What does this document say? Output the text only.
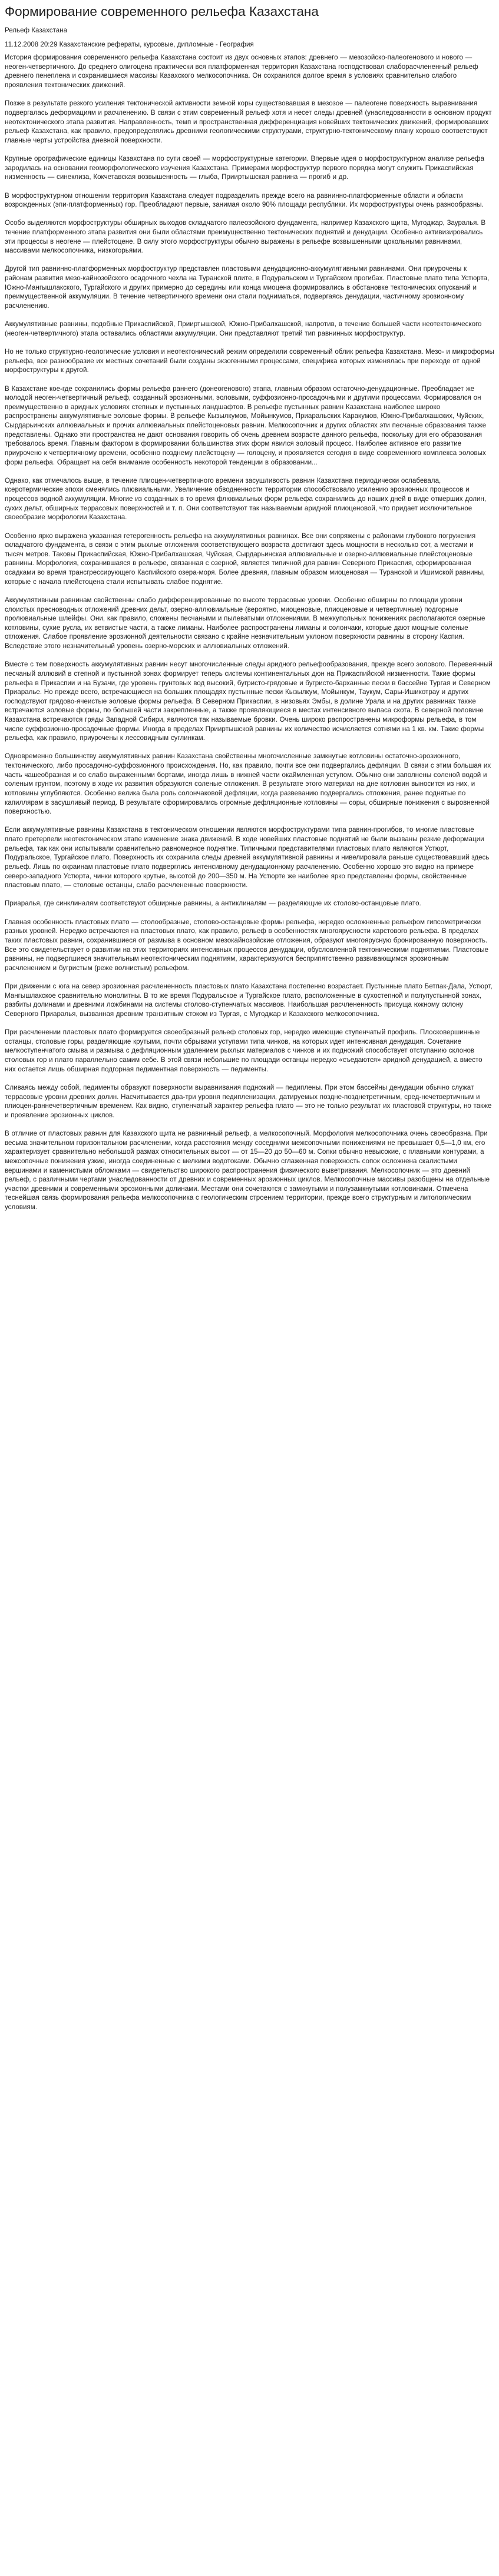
Формирование современного рельефа Казахстана
Рельеф Казахстана
11.12.2008 20:29 Казахстанские рефераты, курсовые, дипломные - География

История формирования современного рельефа Казахстана состоит из двух основных этапов: древнего — мезозойско-палеогенового и нового — неоген-четвертичного. До среднего олигоцена практически вся платформенная территория Казахстана господствовал слабораcчлененный рельеф древнего пенеплена и сохранившиеся массивы Казахского мелкосопочника. Он сохранился долгое время в условиях сравнительно слабого проявления тектонических движений.

Позже в результате резкого усиления тектонической активности земной коры существовавшая в мезозое — палеогене поверхность выравнивания подвергалась деформациям и расчленению. В связи с этим современный рельеф хотя и несет следы древней (унаследованности в основном продукт неотектонического этапа развития. Направленность, темп и пространственная дифференциация новейших тектонических движений, формировавших рельеф Казахстана, как правило, предопределялись древними геологическими структурами, структурно-тектоническому плану хорошо соответствуют главные черты устройства дневной поверхности.

Крупные орографические единицы Казахстана по сути своей — морфоструктурные категории. Впервые идея о морфоструктурном анализе рельефа зародилась на основании геоморфологического изучения Казахстана. Примерами морфоструктур первого порядка могут служить Прикаспийская низменность — синеклиза, Кокчетавская возвышенность — глыба, Прииртышская равнина — прогиб и др.

В морфоструктурном отношении территория Казахстана следует подразделить прежде всего на равнинно-платформенные области и области возрожденных (эпи-платформенных) гор. Преобладают первые, занимая около 90% площади республики. Их морфоструктуры очень разнообразны.

Особо выделяются морфоструктуры обширных выходов складчатого палеозойского фундамента, например Казахского щита, Мугоджар, Зауралья. В течение платформенного этапа развития они были областями преимущественно тектонических поднятий и денудации. Особенно активизировались эти процессы в неогене — плейстоцене. В силу этого морфоструктуры обычно выражены в рельефе возвышенными цокольными равнинами, массивами мелкосопочника, низкогорьями.

Другой тип равнинно-платформенных морфоструктур представлен пластовыми денудационно-аккумулятивными равнинами. Они приурочены к районам развития мезо-кайнозойского осадочного чехла на Туранской плите, в Подуральском и Тургайском прогибах. Пластовые плато типа Устюрта, Южно-Мангышлакского, Тургайского и других примерно до середины или конца миоцена формировались в обстановке тектонических опусканий и преимущественной аккумуляции. В течение четвертичного времени они стали подниматься, подвергаясь денудации, частичному эрозионному расчленению.

Аккумулятивные равнины, подобные Прикаспийской, Прииртышской, Южно-Прибалхашской, напротив, в течение большей части неотектонического (неоген-четвертичного) этапа оставались областями аккумуляции. Они представляют третий тип равнинных морфоструктур.

Но не только структурно-геологические условия и неотектонический режим определили современный облик рельефа Казахстана. Мезо- и микроформы рельефа, все разнообразие их местных сочетаний были созданы экзогенными процессами, специфика которых изменялась при переходе от одной морфоструктуры к другой.

В Казахстане кое-где сохранились формы рельефа раннего (донеогенового) этапа, главным образом остаточно-денудационные. Преобладает же молодой неоген-четвертичный рельеф, созданный эрозионными, эоловыми, суффозионно-просадочными и другими процессами. Формировался он преимущественно в аридных условиях степных и пустынных ландшафтов. В рельефе пустынных равнин Казахстана наиболее широко распространены аккумулятивные эоловые формы. В рельефе Кызылкумов, Мойынкумов, Приаральских Каракумов, Южно-Прибалхашских, Чуйских, Сырдарьинских аллювиальных и прочих аллювиальных плейстоценовых равнин. Мелкосопочник и других областях эти песчаные образования также представлены. Однако эти пространства не дают основания говорить об очень древнем возрасте данного рельефа, поскольку для его образования требовалось время. Главным фактором в формировании большинства этих форм явился эоловый процесс. Наиболее активное его развитие приурочено к четвертичному времени, особенно позднему плейстоцену — голоцену, и проявляется сегодня в виде современного комплекса эоловых форм рельефа. Обращает на себя внимание особенность некоторой тенденции в образовании...

Однако, как отмечалось выше, в течение плиоцен-четвертичного времени засушливость равнин Казахстана периодически ослабевала, ксеротермические эпохи сменялись плювиальными. Увеличение обводненности территории способствовало усилению эрозионных процессов и процессов водной аккумуляции. Многие из созданных в то время флювиальных форм рельефа сохранились до наших дней в виде отмерших долин, сухих дельт, обширных террасовых поверхностей и т. п. Они соответствуют так называемым аридной плиоценовой, что придает исключительное своеобразие морфологии Казахстана.

Особенно ярко выражена указанная гетерогенность рельефа на аккумулятивных равнинах. Все они сопряжены с районами глубокого погружения складчатого фундамента, в связи с этим рыхлые отложения соответствующего возраста достигают здесь мощности в несколько сот, а местами и тысяч метров. Таковы Прикаспийская, Южно-Прибалхашская, Чуйская, Сырдарьинская аллювиальные и озерно-аллювиальные плейстоценовые равнины. Морфология, сохранившаяся в рельефе, связанная с озерной, является типичной для равнин Северного Прикаспия, сформированная осадками во время трансгрессирующего Каспийского озера-моря. Более древняя, главным образом миоценовая — Туранской и Ишимской равнины, которые с начала плейстоцена стали испытывать слабое поднятие.

Аккумулятивным равнинам свойственны слабо дифференцированные по высоте террасовые уровни. Особенно обширны по площади уровни слоистых пресноводных отложений древних дельт, озерно-аллювиальные (вероятно, миоценовые, плиоценовые и четвертичные) подгорные пролювиальные шлейфы. Они, как правило, сложены песчаными и пылеватыми отложениями. В межкупольных понижениях располагаются озерные котловины, сухие русла, их ветвистые части, а также лиманы. Наиболее распространены лиманы и солончаки, которые дают мощные соленые отложения. Слабое проявление эрозионной деятельности связано с крайне незначительным уклоном поверхности равнины в сторону Каспия. Вследствие этого незначительный уровень озерно-морских и аллювиальных отложений.

Вместе с тем поверхность аккумулятивных равнин несут многочисленные следы аридного рельефообразования, прежде всего эолового. Перевеянный песчаный аллювий в степной и пустынной зонах формирует теперь системы континентальных дюн на Прикаспийской низменности. Такие формы рельефа в Прикаспии и на Бузачи, где уровень грунтовых вод высокий, бугристо-грядовые и бугристо-барханные пески в бассейне Тургая и Северном Приаралье. Но прежде всего, встречающиеся на больших площадях пустынные пески Кызылкум, Мойынкум, Таукум, Сары-Ишикотрау и других господствуют грядово-ячеистые эоловые формы рельефа. В Северном Прикаспии, в низовьях Эмбы, в долине Урала и на других равнинах также встречаются эоловые формы, по большей части закрепленные, а также проявляющиеся в местах интенсивного выпаса скота. В северной половине Казахстана встречаются гряды Западной Сибири, являются так называемые бровки. Очень широко распространены микроформы рельефа, в том числе суффозионно-просадочные формы. Иногда в пределах Прииртышской равнины их количество исчисляется сотнями на 1 кв. км. Такие формы рельефа, как правило, приурочены к лессовидным суглинкам.

Одновременно большинству аккумулятивных равнин Казахстана свойственны многочисленные замкнутые котловины остаточно-эрозионного, тектонического, либо просадочно-суффозионного происхождения. Но, как правило, почти все они подвергались дефляции. В связи с этим большая их часть чашеобразная и со слабо выраженными бортами, иногда лишь в нижней части окаймленная уступом. Обычно они заполнены соленой водой и соленым грунтом, поэтому в ходе их развития образуются соленые отложения. В результате этого материал на дне котловин выносится из них, и котловины углубляются. Особенно велика была роль солончаковой дефляции, когда развеванию подвергались отложения, ранее поднятые по капиллярам в засушливый период. В результате сформировались огромные дефляционные котловины — соры, обширные понижения с выровненной поверхностью.

Если аккумулятивные равнины Казахстана в тектоническом отношении являются морфоструктурами типа равнин-прогибов, то многие пластовые плато претерпели неотектоническом этапе изменение знака движений. В ходе новейших пластовые поднятий не были вызваны резкие деформации рельефа, так как они испытывали сравнительно равномерное поднятие. Типичными представителями пластовых плато являются Устюрт, Подуральское, Тургайское плато. Поверхность их сохранила следы древней аккумулятивной равнины и нивелировала раньше существовавший здесь рельеф. Лишь по окраинам пластовые плато подверглись интенсивному денудационному расчленению. Особенно хорошо это видно на примере северо-западного Устюрта, чинки которого крутые, высотой до 200—350 м. На Устюрте же наиболее ярко представлены формы, свойственные пластовым плато, — столовые останцы, слабо расчлененные поверхности.

Приаралья, где синклиналям соответствуют обширные равнины, а антиклиналям — разделяющие их столово-останцовые плато.

Главная особенность пластовых плато — столообразные, столово-останцовые формы рельефа, нередко осложненные рельефом гипсометрически разных уровней. Нередко встречаются на пластовых плато, как правило, рельеф в особенностях многоярусности карстового рельефа. В пределах таких пластовых равнин, сохранившиеся от размыва в основном мезокайнозойские отложения, образуют многоярусную бронированную поверхность. Все это свидетельствует о развитии на этих территориях интенсивных процессов денудации, обусловленной тектоническими поднятиями. Пластовые равнины, не подвергшиеся значительным неотектоническим поднятиям, характеризуются бесприпятственно развивающимся эрозионным расчленением и бугристым (реже волнистым) рельефом.

При движении с юга на север эрозионная расчлененность пластовых плато Казахстана постепенно возрастает. Пустынные плато Бетпак-Дала, Устюрт, Мангышлакское сравнительно монолитны. В то же время Подуральское и Тургайское плато, расположенные в сухостепной и полупустынной зонах, разбиты долинами и древними ложбинами на системы столово-ступенчатых массивов. Наибольшая расчлененность присуща южному склону Северного Приаралья, вызванная древним транзитным стоком из Тургая, с Мугоджар и Казахского мелкосопочника.

При расчленении пластовых плато формируется своеобразный рельеф столовых гор, нередко имеющие ступенчатый профиль. Плосковершинные останцы, столовые горы, разделяющие крутыми, почти обрывами уступами типа чинков, на которых идет интенсивная денудация. Сочетание мелкоступенчатого смыва и размыва с дефляционным удалением рыхлых материалов с чинков и их подножий способствует отступанию склонов столовых гор и плато параллельно самим себе. В этой связи небольшие по площади останцы нередко «съедаются» аридной денудацией, а вместо них остается лишь обширная подгорная педиментная поверхность — педименты.

Сливаясь между собой, педименты образуют поверхности выравнивания подножий — педиплены. При этом бассейны денудации обычно служат террасовые уровни древних долин. Насчитывается два-три уровня педипленизации, датируемых поздне-позднетретичным, сред-нечетвертичным и плиоцен-раннечетвертичным временем. Как видно, ступенчатый характер рельефа плато — это не только результат их пластовой структуры, но также и проявление эрозионных циклов.

В отличие от пластовых равнин для Казахского щита не равнинный рельеф, а мелкосопочный. Морфология мелкосопочника очень своеобразна. При весьма значительном горизонтальном расчленении, когда расстояния между соседними межсопочными понижениями не превышает 0,5—1,0 км, его характеризует сравнительно небольшой размах относительных высот — от 15—20 до 50—60 м. Сопки обычно невысокие, с плавными контурами, а межсопочные понижения узкие, иногда соединенные с мелкими водотоками. Обычно сглаженная поверхность сопок осложнена скалистыми вершинами и каменистыми обломками — свидетельство широкого распространения физического выветривания. Мелкосопочник — это древний рельеф, с различными чертами унаследованности от древних и современных эрозионных циклов. Мелкосопочные массивы разобщены на отдельные участки древними и современными эрозионными долинами. Местами они сочетаются с замкнутыми и полузамкнутыми котловинами. Отмечена теснейшая связь формирования рельефа мелкосопочника с геологическим строением территории, прежде всего структурным и литологическим условиям.
